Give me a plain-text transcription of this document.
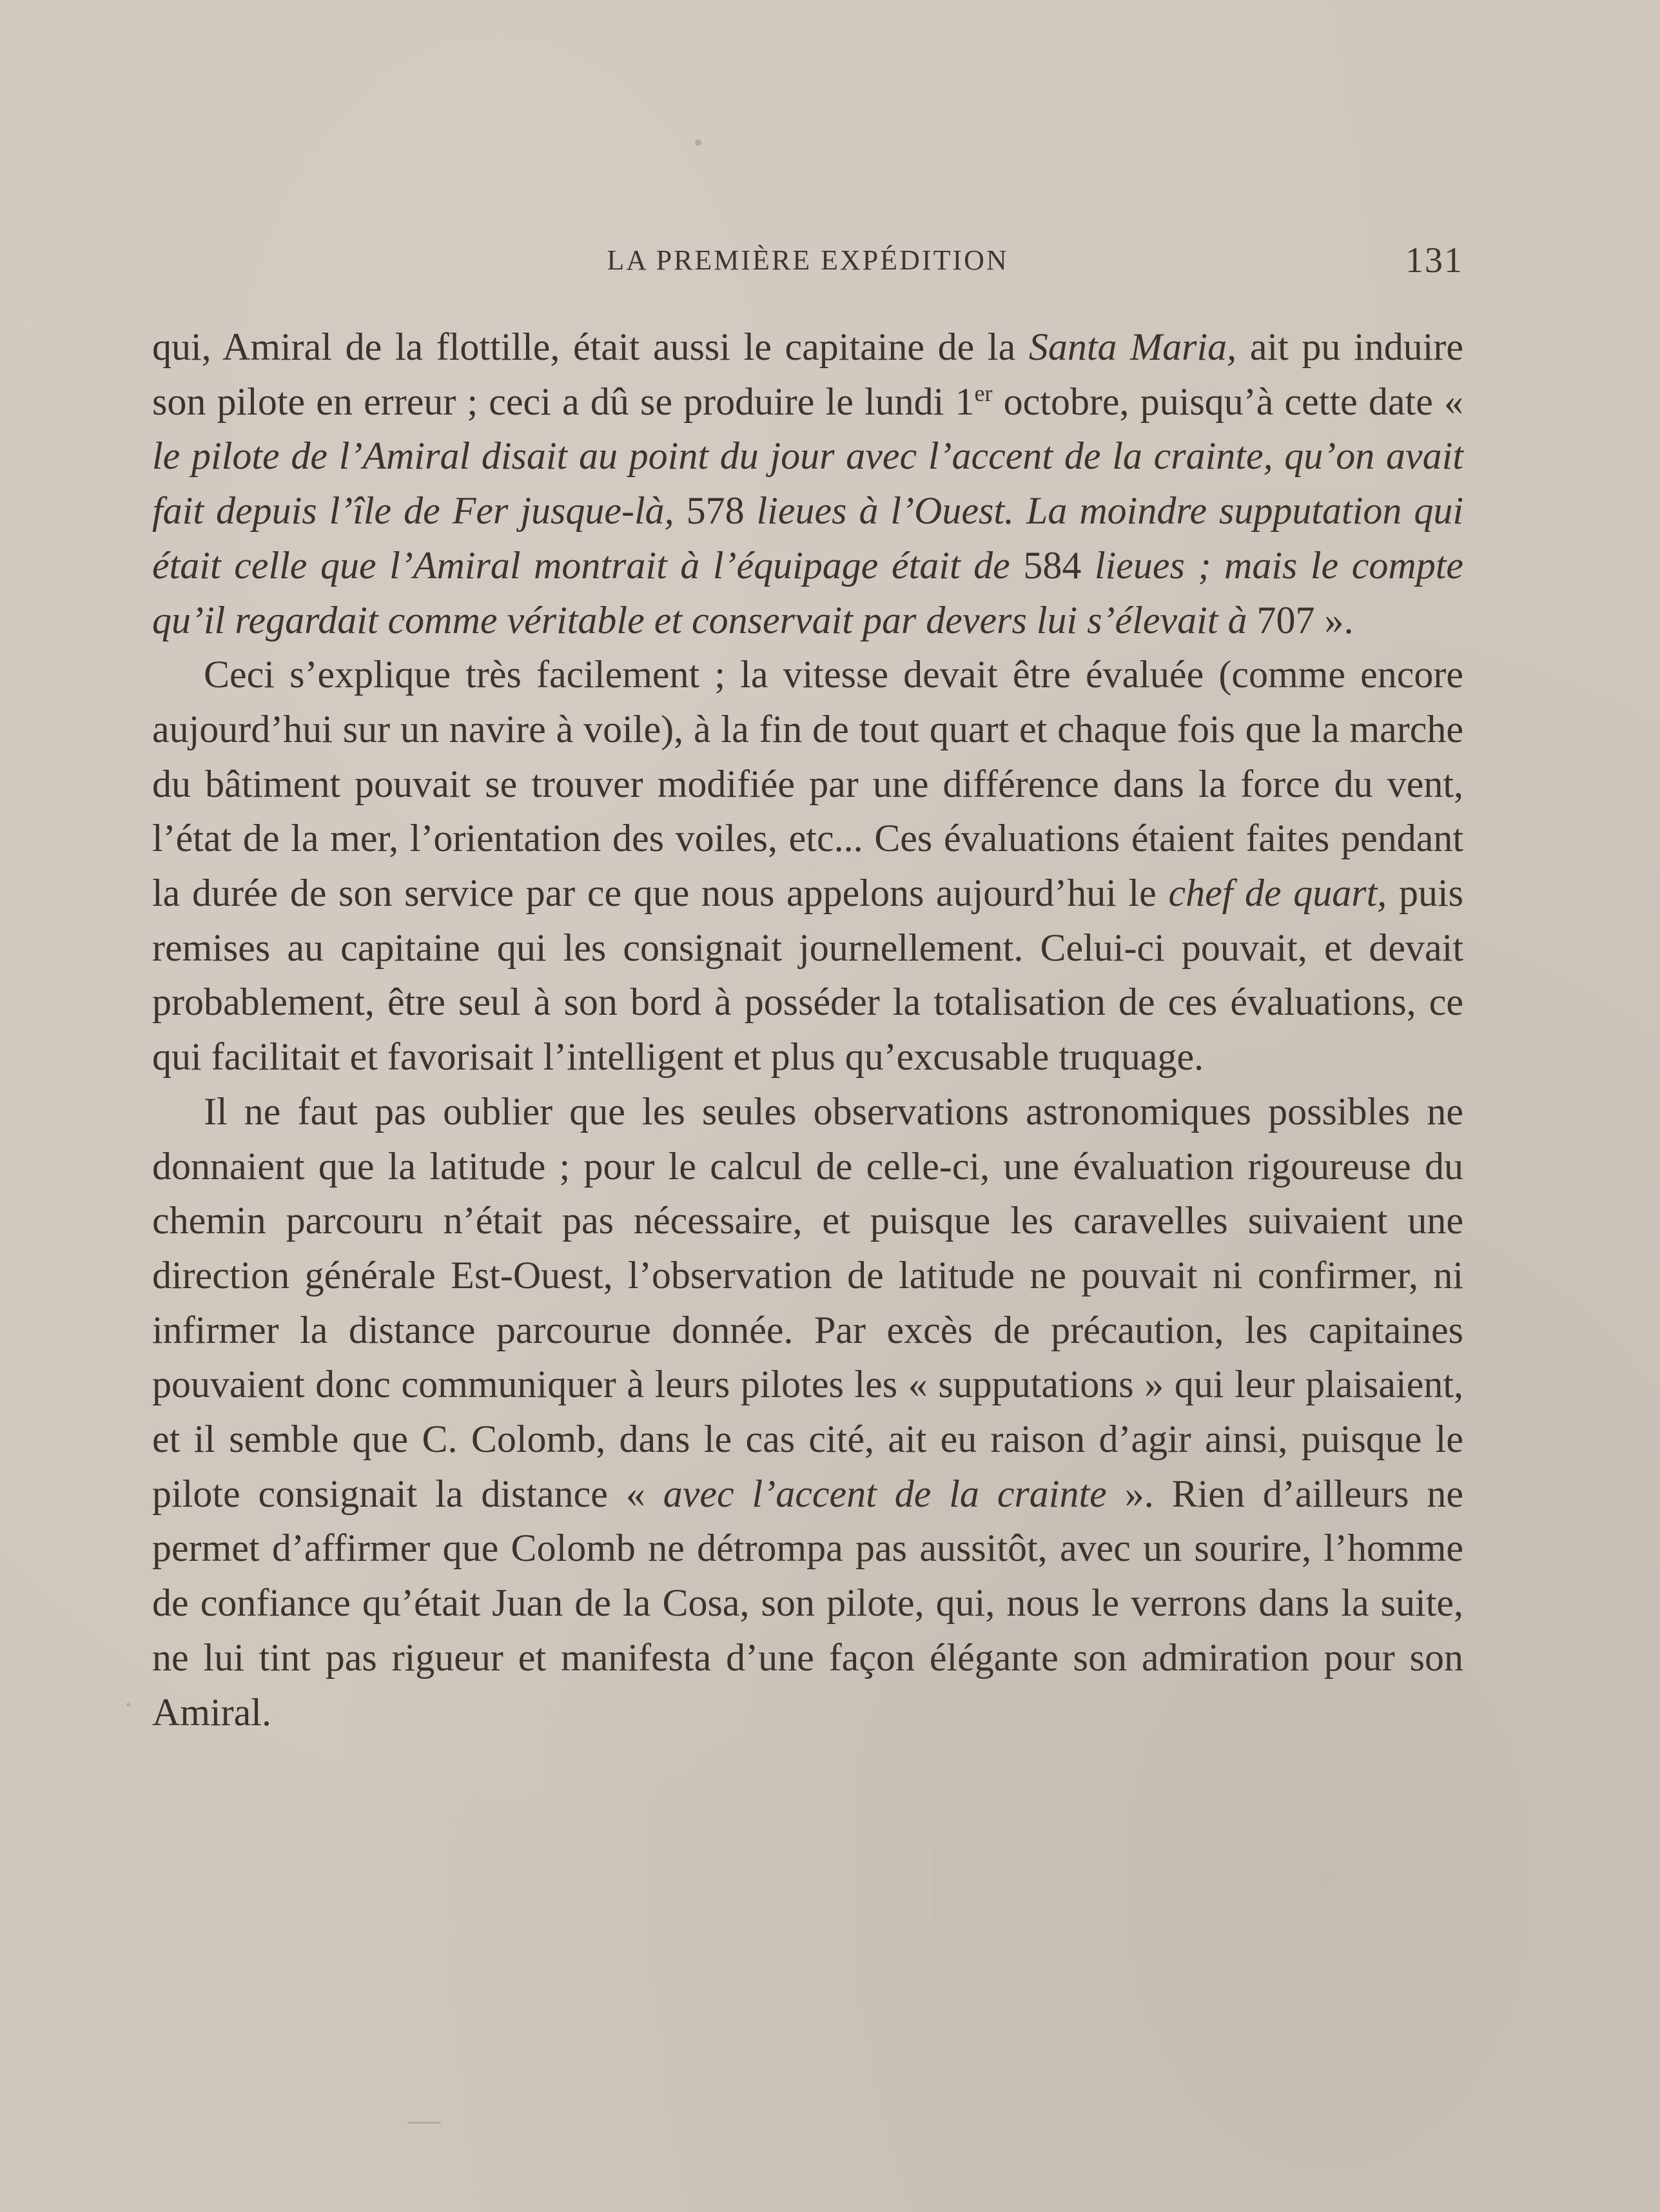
LA PREMIÈRE EXPÉDITION	131

qui, Amiral de la flottille, était aussi le capitaine de la Santa Maria, ait pu induire son pilote en erreur ; ceci a dû se produire le lundi 1er octobre, puisqu’à cette date « le pilote de l’Amiral disait au point du jour avec l’accent de la crainte, qu’on avait fait depuis l’île de Fer jusque-là, 578 lieues à l’Ouest. La moindre supputation qui était celle que l’Amiral montrait à l’équipage était de 584 lieues ; mais le compte qu’il regardait comme véritable et conservait par devers lui s’élevait à 707 ».

Ceci s’explique très facilement ; la vitesse devait être évaluée (comme encore aujourd’hui sur un navire à voile), à la fin de tout quart et chaque fois que la marche du bâtiment pouvait se trouver modifiée par une différence dans la force du vent, l’état de la mer, l’orientation des voiles, etc... Ces évaluations étaient faites pendant la durée de son service par ce que nous appelons aujourd’hui le chef de quart, puis remises au capitaine qui les consignait journellement. Celui-ci pouvait, et devait probablement, être seul à son bord à posséder la totalisation de ces évaluations, ce qui facilitait et favorisait l’intelligent et plus qu’excusable truquage.

Il ne faut pas oublier que les seules observations astronomiques possibles ne donnaient que la latitude ; pour le calcul de celle-ci, une évaluation rigoureuse du chemin parcouru n’était pas nécessaire, et puisque les caravelles suivaient une direction générale Est-Ouest, l’observation de latitude ne pouvait ni confirmer, ni infirmer la distance parcourue donnée. Par excès de précaution, les capitaines pouvaient donc communiquer à leurs pilotes les « supputations » qui leur plaisaient, et il semble que C. Colomb, dans le cas cité, ait eu raison d’agir ainsi, puisque le pilote consignait la distance « avec l’accent de la crainte ». Rien d’ailleurs ne permet d’affirmer que Colomb ne détrompa pas aussitôt, avec un sourire, l’homme de confiance qu’était Juan de la Cosa, son pilote, qui, nous le verrons dans la suite, ne lui tint pas rigueur et manifesta d’une façon élégante son admiration pour son Amiral.
